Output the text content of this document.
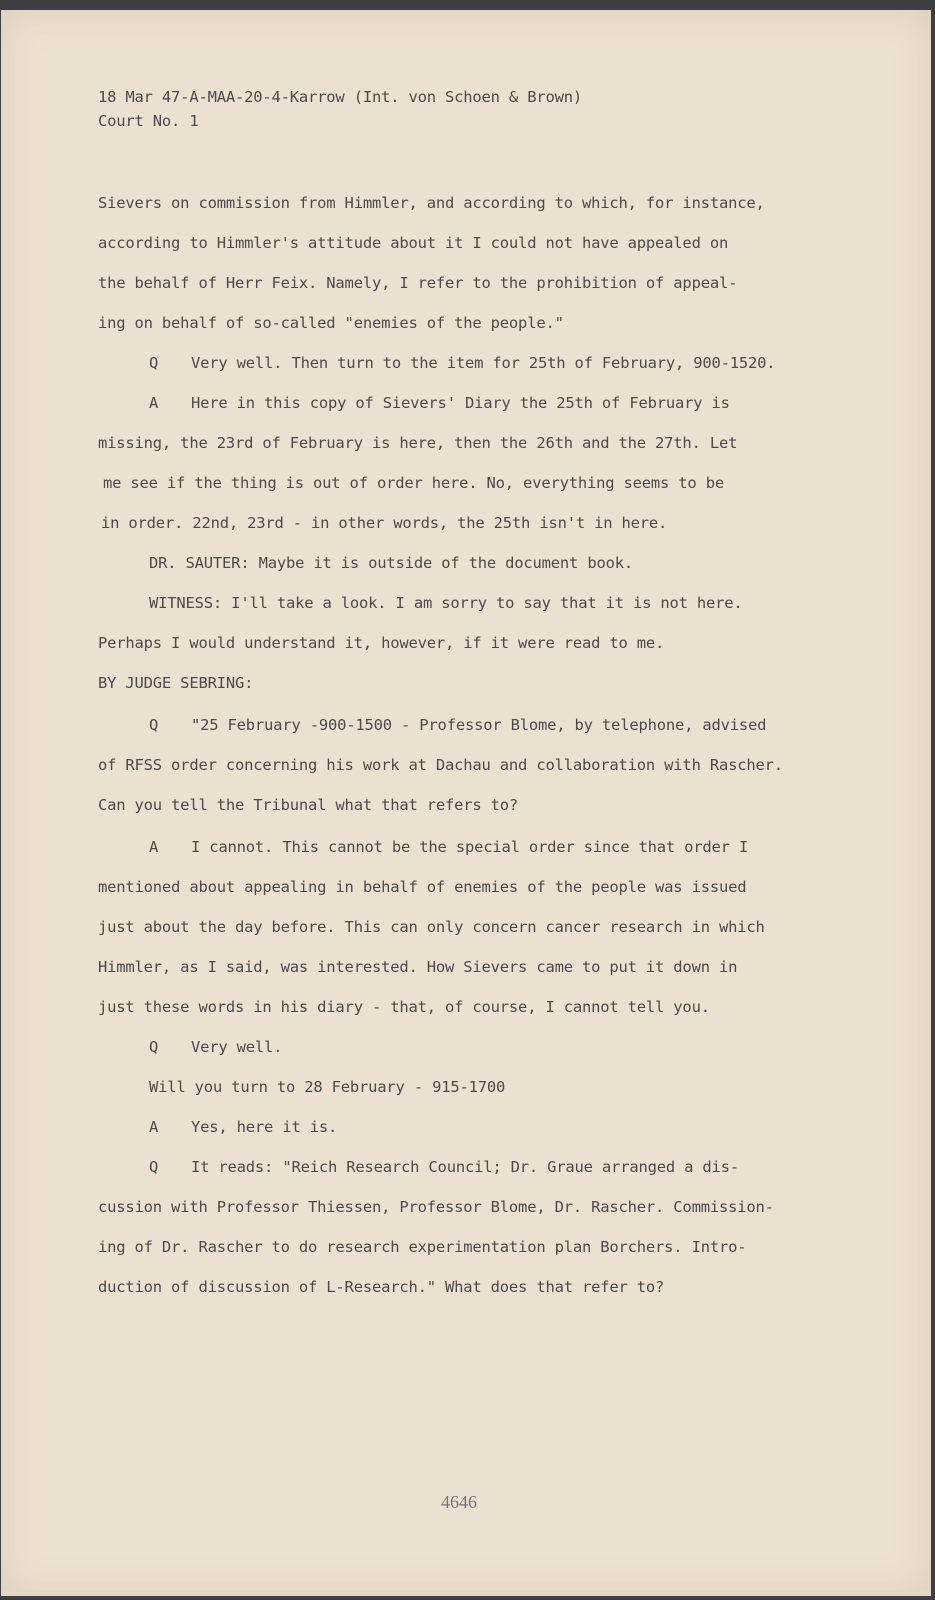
18 Mar 47-A-MAA-20-4-Karrow (Int. von Schoen & Brown)
Court No. 1
Sievers on commission from Himmler, and according to which, for instance,
according to Himmler's attitude about it I could not have appealed on
the behalf of Herr Feix. Namely, I refer to the prohibition of appeal-
ing on behalf of so-called "enemies of the people."
Q Very well. Then turn to the item for 25th of February, 900-1520.
A Here in this copy of Sievers' Diary the 25th of February is
missing, the 23rd of February is here, then the 26th and the 27th. Let
me see if the thing is out of order here. No, everything seems to be
in order. 22nd, 23rd - in other words, the 25th isn't in here.
DR. SAUTER: Maybe it is outside of the document book.
WITNESS: I'll take a look. I am sorry to say that it is not here.
Perhaps I would understand it, however, if it were read to me.
BY JUDGE SEBRING:
Q "25 February -900-1500 - Professor Blome, by telephone, advised
of RFSS order concerning his work at Dachau and collaboration with Rascher.
Can you tell the Tribunal what that refers to?
A I cannot. This cannot be the special order since that order I
mentioned about appealing in behalf of enemies of the people was issued
just about the day before. This can only concern cancer research in which
Himmler, as I said, was interested. How Sievers came to put it down in
just these words in his diary - that, of course, I cannot tell you.
Q Very well.
Will you turn to 28 February - 915-1700
A Yes, here it is.
Q It reads: "Reich Research Council; Dr. Graue arranged a dis-
cussion with Professor Thiessen, Professor Blome, Dr. Rascher. Commission-
ing of Dr. Rascher to do research experimentation plan Borchers. Intro-
duction of discussion of L-Research." What does that refer to?
4646
